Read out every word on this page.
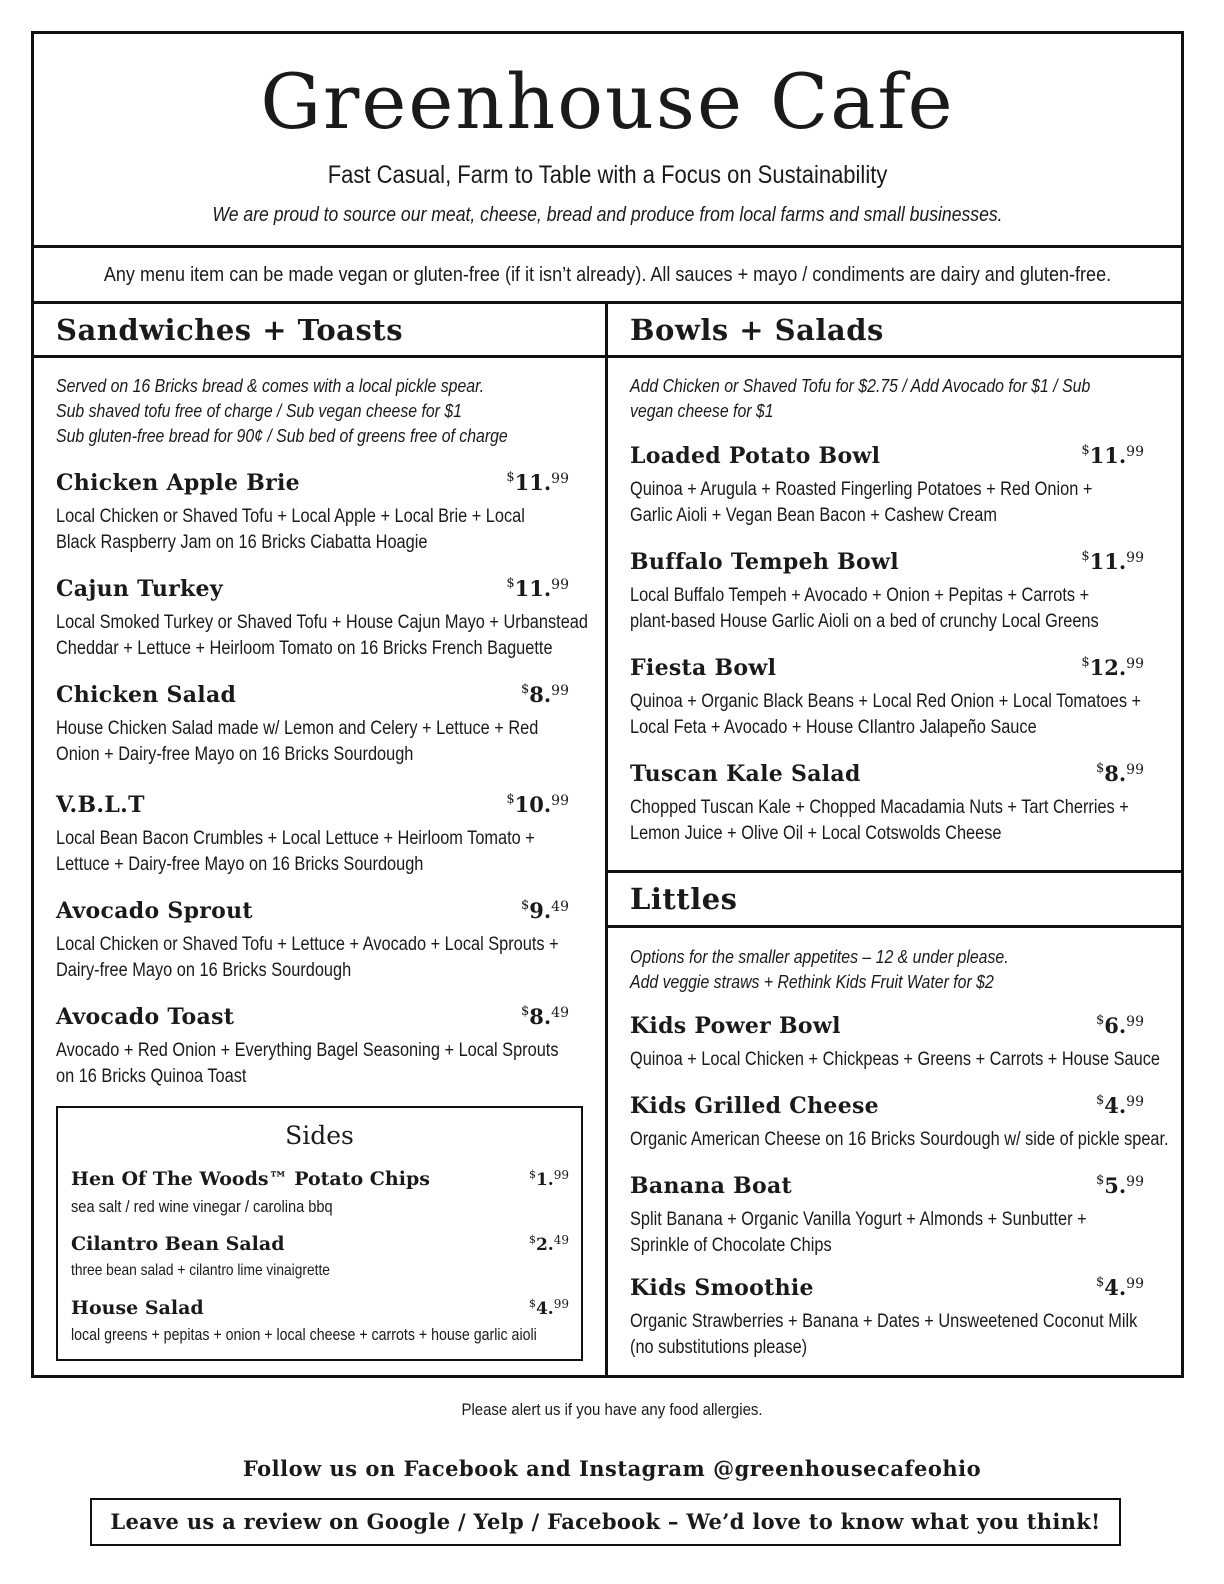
Greenhouse Cafe
Fast Casual, Farm to Table with a Focus on Sustainability
We are proud to source our meat, cheese, bread and produce from local farms and small businesses.
Any menu item can be made vegan or gluten-free (if it isn’t already). All sauces + mayo / condiments are dairy and gluten-free.
Sandwiches + Toasts
Served on 16 Bricks bread & comes with a local pickle spear.
Sub shaved tofu free of charge / Sub vegan cheese for $1
Sub gluten-free bread for 90¢ / Sub bed of greens free of charge
Chicken Apple Brie	$11.99
Local Chicken or Shaved Tofu + Local Apple + Local Brie + Local
Black Raspberry Jam on 16 Bricks Ciabatta Hoagie
Cajun Turkey	$11.99
Local Smoked Turkey or Shaved Tofu + House Cajun Mayo + Urbanstead
Cheddar + Lettuce + Heirloom Tomato on 16 Bricks French Baguette
Chicken Salad	$8.99
House Chicken Salad made w/ Lemon and Celery + Lettuce + Red
Onion + Dairy-free Mayo on 16 Bricks Sourdough
V.B.L.T	$10.99
Local Bean Bacon Crumbles + Local Lettuce + Heirloom Tomato +
Lettuce + Dairy-free Mayo on 16 Bricks Sourdough
Avocado Sprout	$9.49
Local Chicken or Shaved Tofu + Lettuce + Avocado + Local Sprouts +
Dairy-free Mayo on 16 Bricks Sourdough
Avocado Toast	$8.49
Avocado + Red Onion + Everything Bagel Seasoning + Local Sprouts
on 16 Bricks Quinoa Toast
Sides
Hen Of The Woods™ Potato Chips	$1.99
sea salt / red wine vinegar / carolina bbq
Cilantro Bean Salad	$2.49
three bean salad + cilantro lime vinaigrette
House Salad	$4.99
local greens + pepitas + onion + local cheese + carrots + house garlic aioli
Bowls + Salads
Add Chicken or Shaved Tofu for $2.75 / Add Avocado for $1 / Sub
vegan cheese for $1
Loaded Potato Bowl	$11.99
Quinoa + Arugula + Roasted Fingerling Potatoes + Red Onion +
Garlic Aioli + Vegan Bean Bacon + Cashew Cream
Buffalo Tempeh Bowl	$11.99
Local Buffalo Tempeh + Avocado + Onion + Pepitas + Carrots +
plant-based House Garlic Aioli on a bed of crunchy Local Greens
Fiesta Bowl	$12.99
Quinoa + Organic Black Beans + Local Red Onion + Local Tomatoes +
Local Feta + Avocado + House CIlantro Jalapeño Sauce
Tuscan Kale Salad	$8.99
Chopped Tuscan Kale + Chopped Macadamia Nuts + Tart Cherries +
Lemon Juice + Olive Oil + Local Cotswolds Cheese
Littles
Options for the smaller appetites – 12 & under please.
Add veggie straws + Rethink Kids Fruit Water for $2
Kids Power Bowl	$6.99
Quinoa + Local Chicken + Chickpeas + Greens + Carrots + House Sauce
Kids Grilled Cheese	$4.99
Organic American Cheese on 16 Bricks Sourdough w/ side of pickle spear.
Banana Boat	$5.99
Split Banana + Organic Vanilla Yogurt + Almonds + Sunbutter +
Sprinkle of Chocolate Chips
Kids Smoothie	$4.99
Organic Strawberries + Banana + Dates + Unsweetened Coconut Milk
(no substitutions please)
Please alert us if you have any food allergies.
Follow us on Facebook and Instagram @greenhousecafeohio
Leave us a review on Google / Yelp / Facebook – We’d love to know what you think!
